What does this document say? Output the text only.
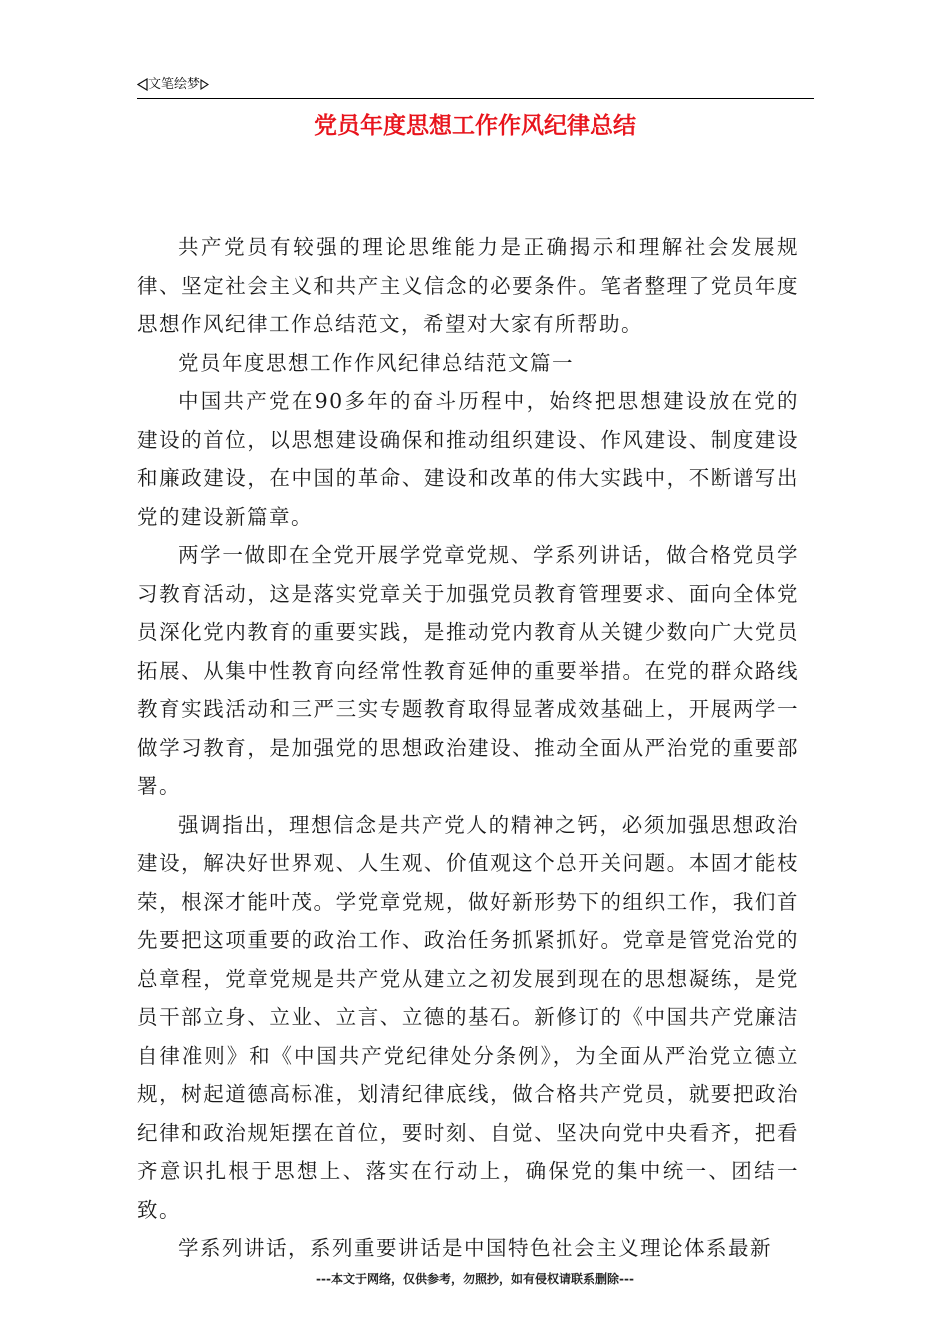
文笔绘梦
党员年度思想工作作风纪律总结

共产党员有较强的理论思维能力是正确揭示和理解社会发展规律、坚定社会主义和共产主义信念的必要条件。笔者整理了党员年度思想作风纪律工作总结范文，希望对大家有所帮助。

党员年度思想工作作风纪律总结范文篇一

中国共产党在90多年的奋斗历程中，始终把思想建设放在党的建设的首位，以思想建设确保和推动组织建设、作风建设、制度建设和廉政建设，在中国的革命、建设和改革的伟大实践中，不断谱写出党的建设新篇章。

两学一做即在全党开展学党章党规、学系列讲话，做合格党员学习教育活动，这是落实党章关于加强党员教育管理要求、面向全体党员深化党内教育的重要实践，是推动党内教育从关键少数向广大党员拓展、从集中性教育向经常性教育延伸的重要举措。在党的群众路线教育实践活动和三严三实专题教育取得显著成效基础上，开展两学一做学习教育，是加强党的思想政治建设、推动全面从严治党的重要部署。

强调指出，理想信念是共产党人的精神之钙，必须加强思想政治建设，解决好世界观、人生观、价值观这个总开关问题。本固才能枝荣，根深才能叶茂。学党章党规，做好新形势下的组织工作，我们首先要把这项重要的政治工作、政治任务抓紧抓好。党章是管党治党的总章程，党章党规是共产党从建立之初发展到现在的思想凝练，是党员干部立身、立业、立言、立德的基石。新修订的《中国共产党廉洁自律准则》和《中国共产党纪律处分条例》，为全面从严治党立德立规，树起道德高标准，划清纪律底线，做合格共产党员，就要把政治纪律和政治规矩摆在首位，要时刻、自觉、坚决向党中央看齐，把看齐意识扎根于思想上、落实在行动上，确保党的集中统一、团结一致。

学系列讲话，系列重要讲话是中国特色社会主义理论体系最新

---本文于网络，仅供参考，勿照抄，如有侵权请联系删除---
